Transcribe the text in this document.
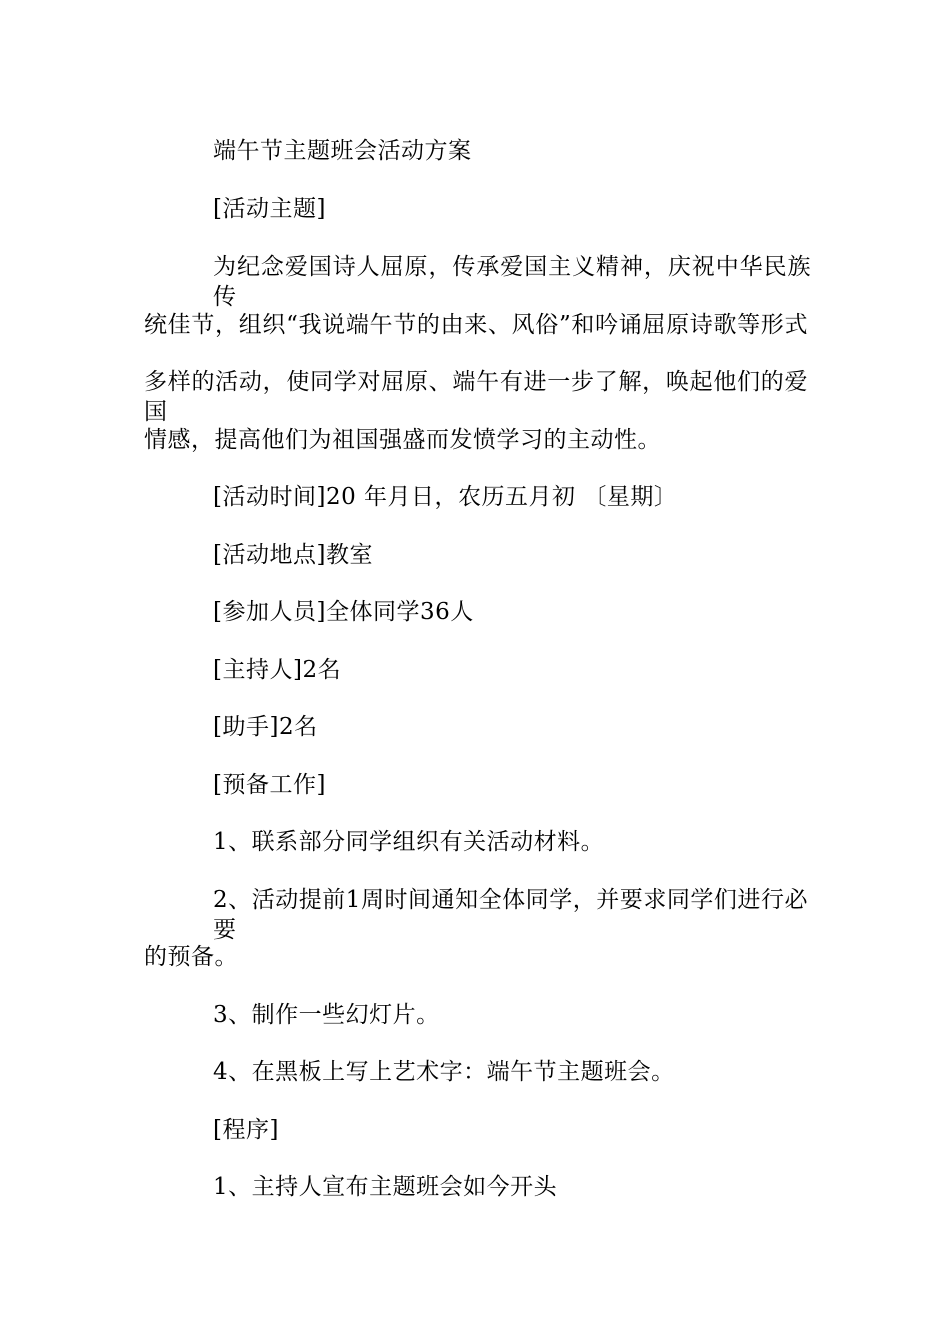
端午节主题班会活动方案
[活动主题]
为纪念爱国诗人屈原，传承爱国主义精神，庆祝中华民族传
统佳节，组织“我说端午节的由来、风俗”和吟诵屈原诗歌等形式
多样的活动，使同学对屈原、端午有进一步了解，唤起他们的爱国
情感，提高他们为祖国强盛而发愤学习的主动性。
[活动时间]20 年月日，农历五月初 〔星期〕
[活动地点]教室
[参加人员]全体同学36人
[主持人]2名
[助手]2名
[预备工作]
1、联系部分同学组织有关活动材料。
2、活动提前1周时间通知全体同学，并要求同学们进行必要
的预备。
3、制作一些幻灯片。
4、在黑板上写上艺术字：端午节主题班会。
[程序]
1、主持人宣布主题班会如今开头
